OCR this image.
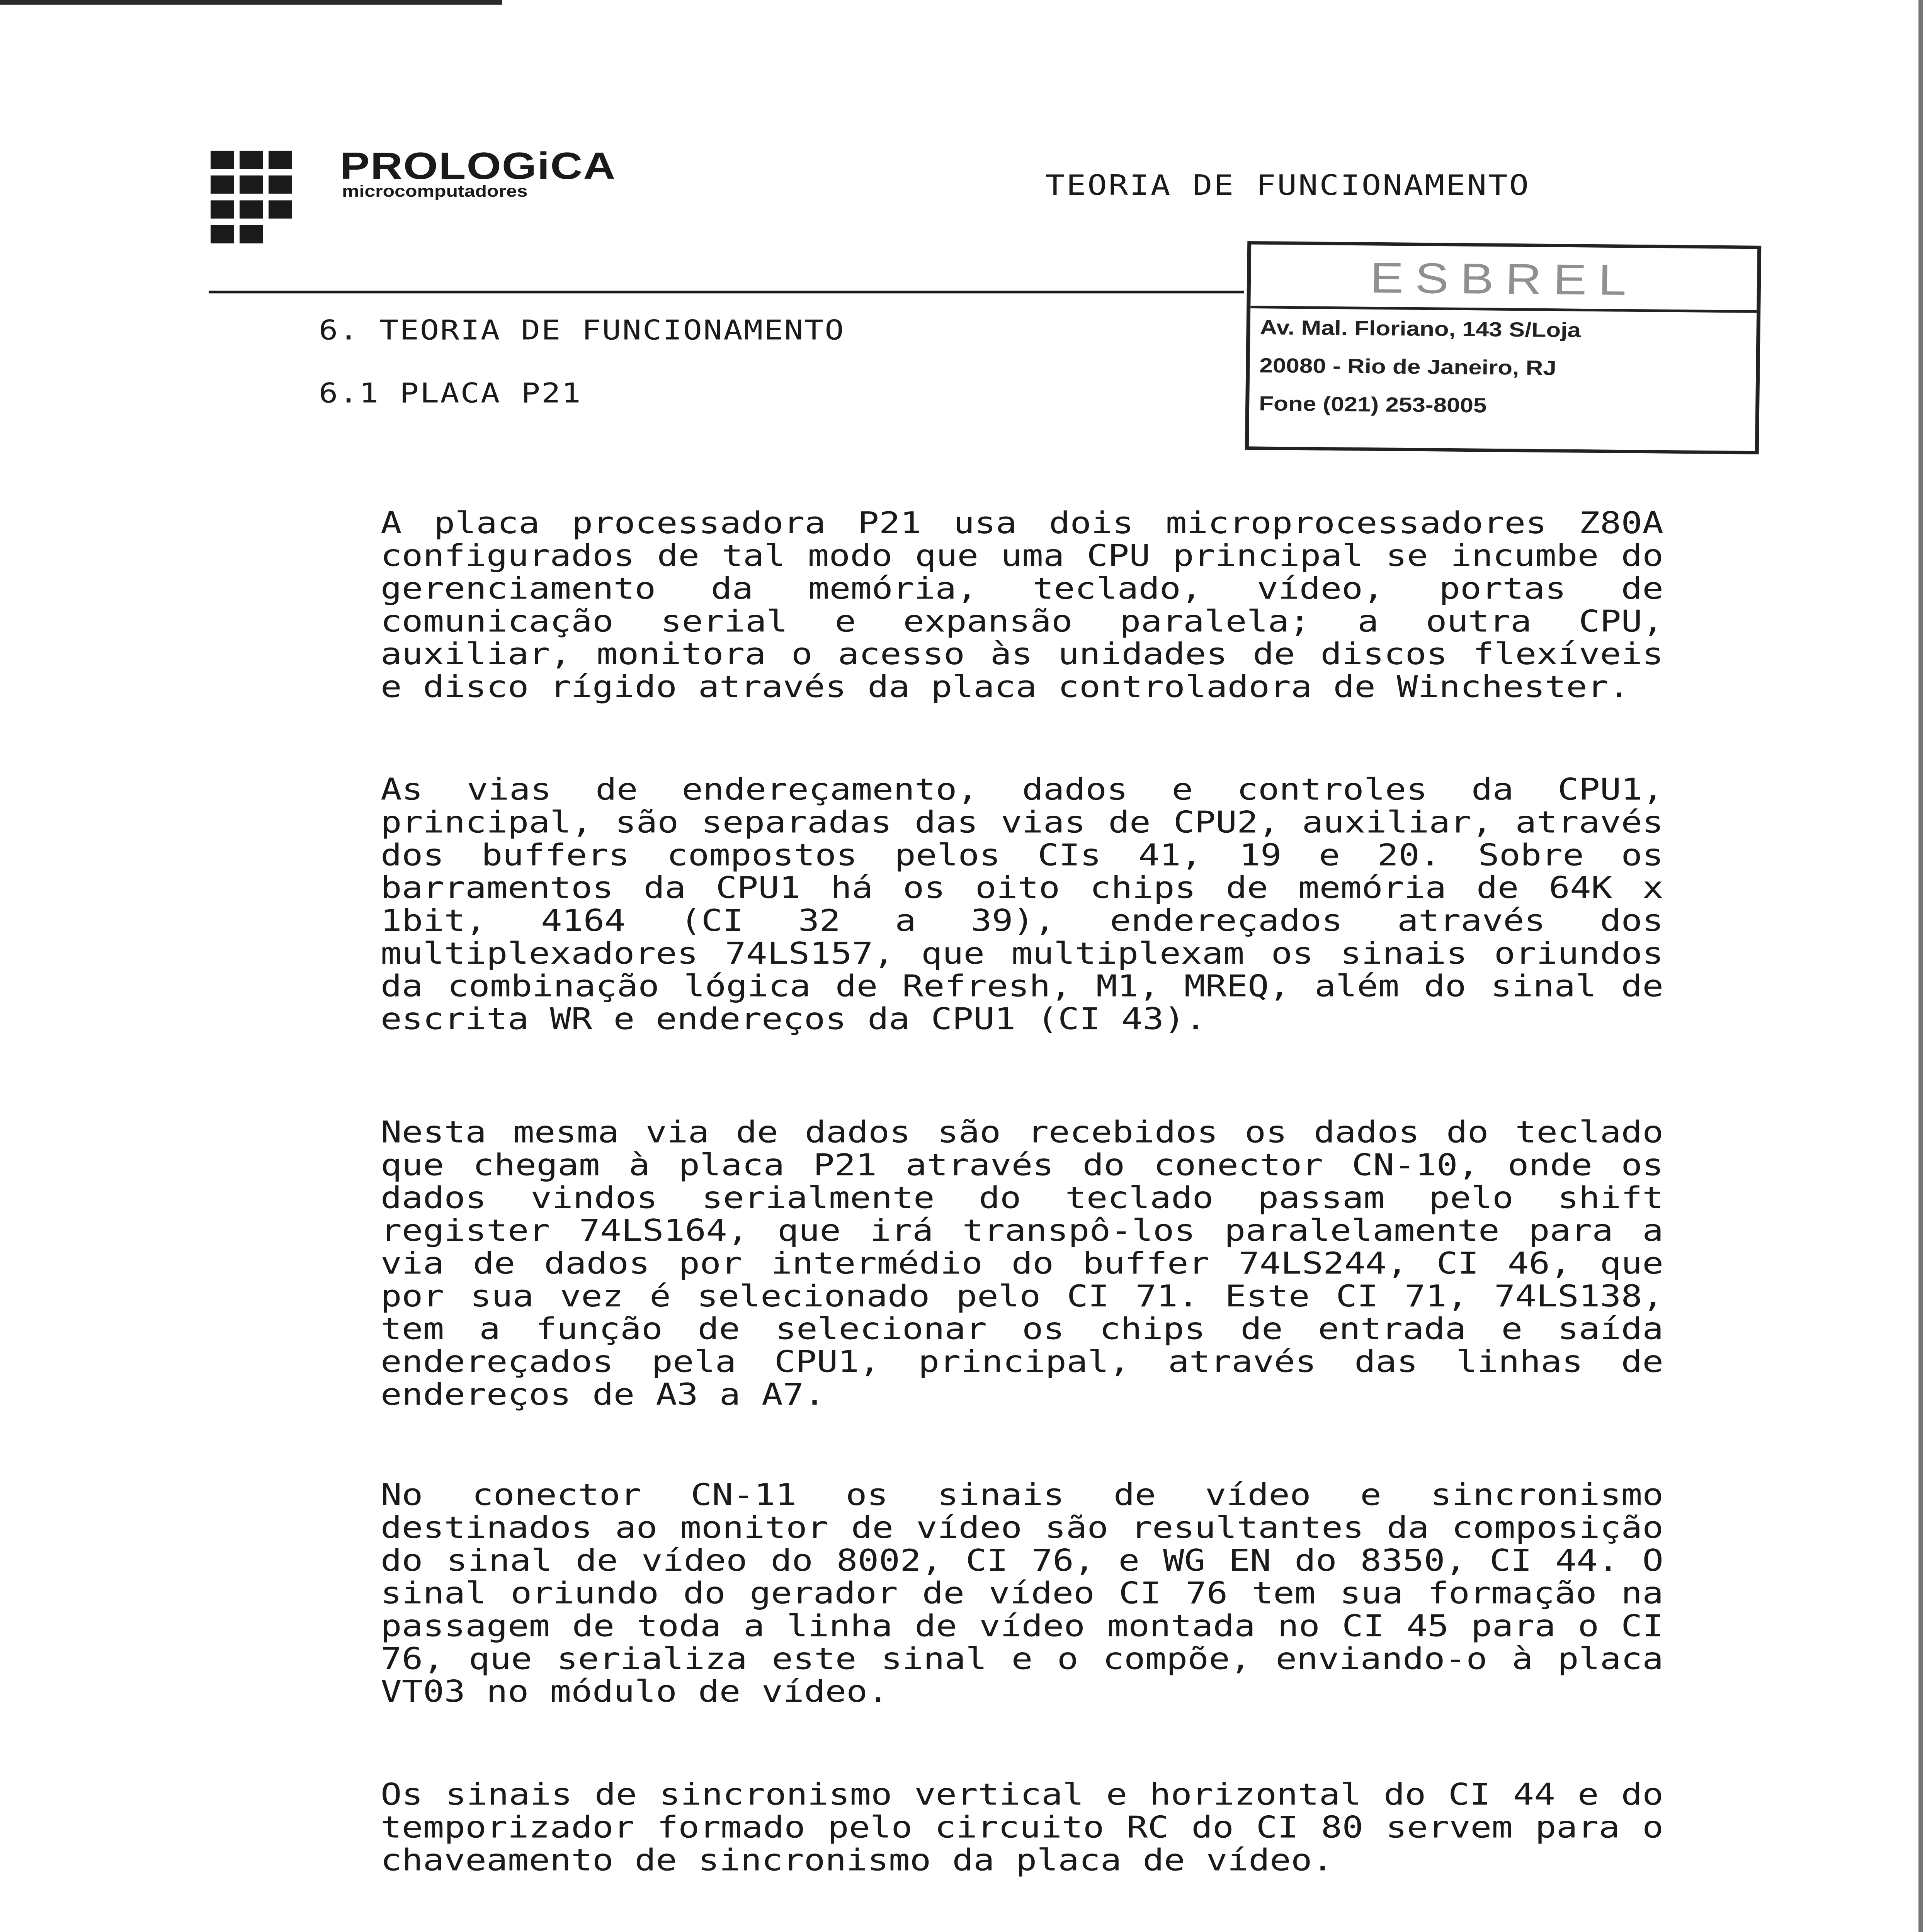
PROLOGiCA
microcomputadores	TEORIA DE FUNCIONAMENTO
ESBREL
Av. Mal. Floriano, 143 S/Loja
20080 - Rio de Janeiro, RJ
Fone (021) 253-8005
6. TEORIA DE FUNCIONAMENTO
6.1 PLACA P21
A placa processadora P21 usa dois microprocessadores Z80A configurados de tal modo que uma CPU principal se incumbe do gerenciamento da memória, teclado, vídeo, portas de comunicação serial e expansão paralela; a outra CPU, auxiliar, monitora o acesso às unidades de discos flexíveis e disco rígido através da placa controladora de Winchester.
As vias de endereçamento, dados e controles da CPU1, principal, são separadas das vias de CPU2, auxiliar, através dos buffers compostos pelos CIs 41, 19 e 20. Sobre os barramentos da CPU1 há os oito chips de memória de 64K x 1bit, 4164 (CI 32 a 39), endereçados através dos multiplexadores 74LS157, que multiplexam os sinais oriundos da combinação lógica de Refresh, M1, MREQ, além do sinal de escrita WR e endereços da CPU1 (CI 43).
Nesta mesma via de dados são recebidos os dados do teclado que chegam à placa P21 através do conector CN-10, onde os dados vindos serialmente do teclado passam pelo shift register 74LS164, que irá transpô-los paralelamente para a via de dados por intermédio do buffer 74LS244, CI 46, que por sua vez é selecionado pelo CI 71. Este CI 71, 74LS138, tem a função de selecionar os chips de entrada e saída endereçados pela CPU1, principal, através das linhas de endereços de A3 a A7.
No conector CN-11 os sinais de vídeo e sincronismo destinados ao monitor de vídeo são resultantes da composição do sinal de vídeo do 8002, CI 76, e WG EN do 8350, CI 44. O sinal oriundo do gerador de vídeo CI 76 tem sua formação na passagem de toda a linha de vídeo montada no CI 45 para o CI 76, que serializa este sinal e o compõe, enviando-o à placa VT03 no módulo de vídeo.
Os sinais de sincronismo vertical e horizontal do CI 44 e do temporizador formado pelo circuito RC do CI 80 servem para o chaveamento de sincronismo da placa de vídeo.
